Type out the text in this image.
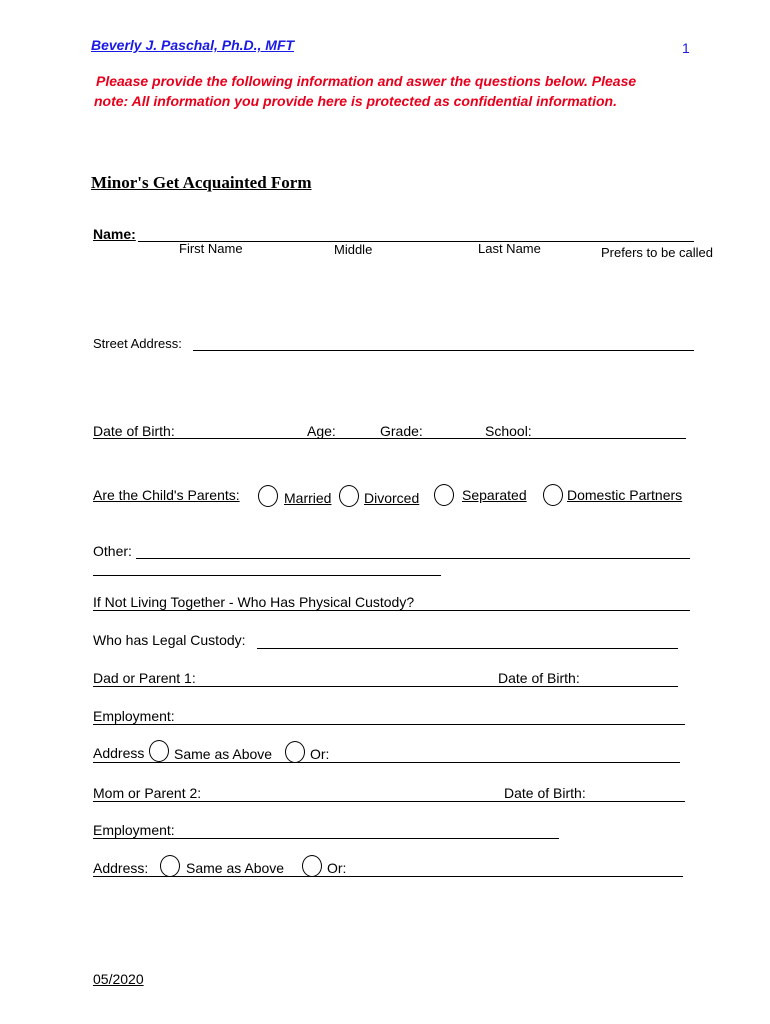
Beverly J. Paschal, Ph.D., MFT	1
Pleaase provide the following information and aswer the questions below. Please
note: All information you provide here is protected as confidential information.
Minor's Get Acquainted Form
Name:
First Name	Middle	Last Name	Prefers to be called
Street Address:
Date of Birth:	Age:	Grade:	School:
Are the Child's Parents:	Married Divorced	Separated	Domestic Partners
Other:
If Not Living Together - Who Has Physical Custody?
Who has Legal Custody:
Dad or Parent 1:	Date of Birth:
Employment:
Address Same as Above	Or:
Mom or Parent 2:	Date of Birth:
Employment:
Address:	Same as Above	Or:
05/2020
